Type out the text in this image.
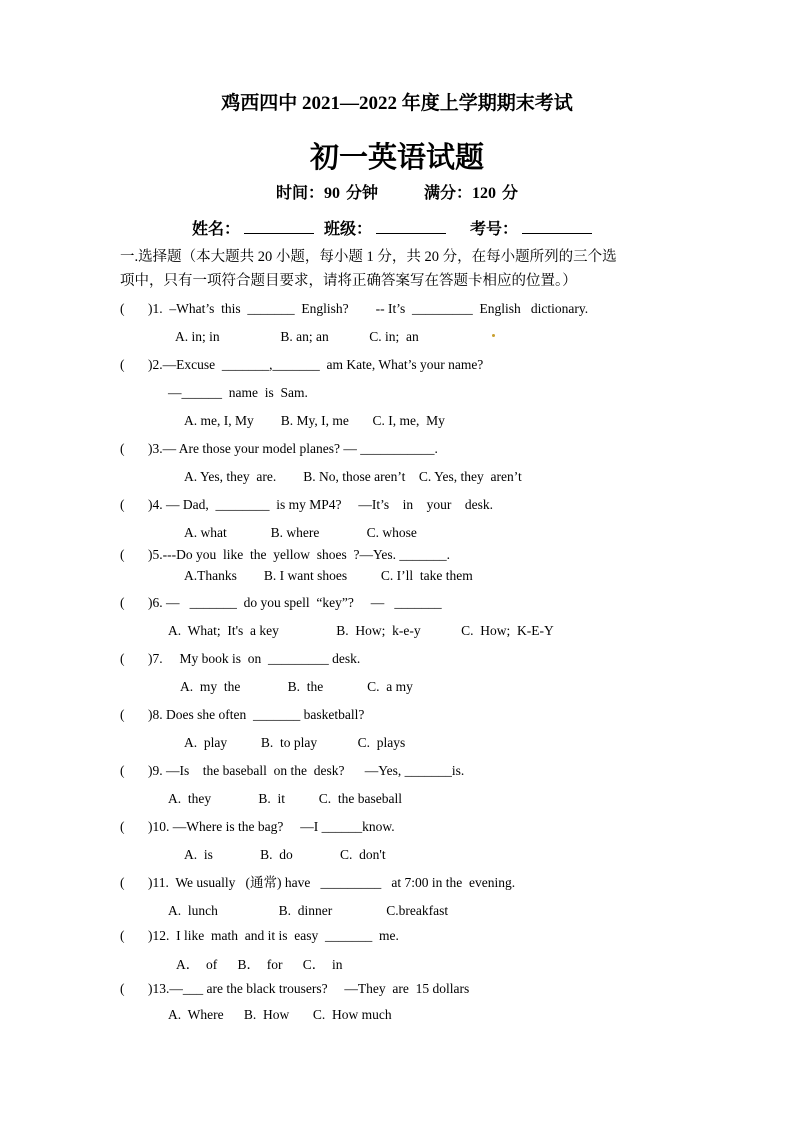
鸡西四中 2021—2022 年度上学期期末考试
初一英语试题
时间：90 分钟	满分：120 分
姓名：	班级：	考号：
一.选择题（本大题共 20 小题，每小题 1 分，共 20 分，在每小题所列的三个选
项中，只有一项符合题目要求，请将正确答案写在答题卡相应的位置。）
( )1.  –What’s  this  _______  English?        -- It’s  _________  English   dictionary.
A. in; in                  B. an; an            C. in;  an
( )2.—Excuse  _______,_______  am Kate, What’s your name?
—______  name  is  Sam.
A. me, I, My        B. My, I, me       C. I, me,  My
( )3.— Are those your model planes? — ___________.
A. Yes, they  are.        B. No, those aren’t    C. Yes, they  aren’t
( )4. — Dad,  ________  is my MP4?     —It’s    in    your    desk.
A. what             B. where              C. whose
( )5.---Do you  like  the  yellow  shoes  ?—Yes. _______.
A.Thanks        B. I want shoes          C. I’ll  take them
( )6. —   _______  do you spell  “key”?     —   _______
A.  What;  It's  a key                 B.  How;  k-e-y            C.  How;  K-E-Y
( )7.     My book is  on  _________ desk.
A.  my  the              B.  the             C.  a my
( )8. Does she often  _______ basketball?
A.  play          B.  to play            C.  plays
( )9. —Is    the baseball  on the  desk?      —Yes, _______is.
A.  they              B.  it          C.  the baseball
( )10. —Where is the bag?     —I ______know.
A.  is              B.  do              C.  don't
( )11.  We usually   (通常) have   _________   at 7:00 in the  evening.
A.  lunch                  B.  dinner                C.breakfast
( )12.  I like  math  and it is  easy  _______  me.
A．  of      B．  for      C．  in
( )13.—___ are the black trousers?     —They  are  15 dollars
A.  Where      B.  How       C.  How much
